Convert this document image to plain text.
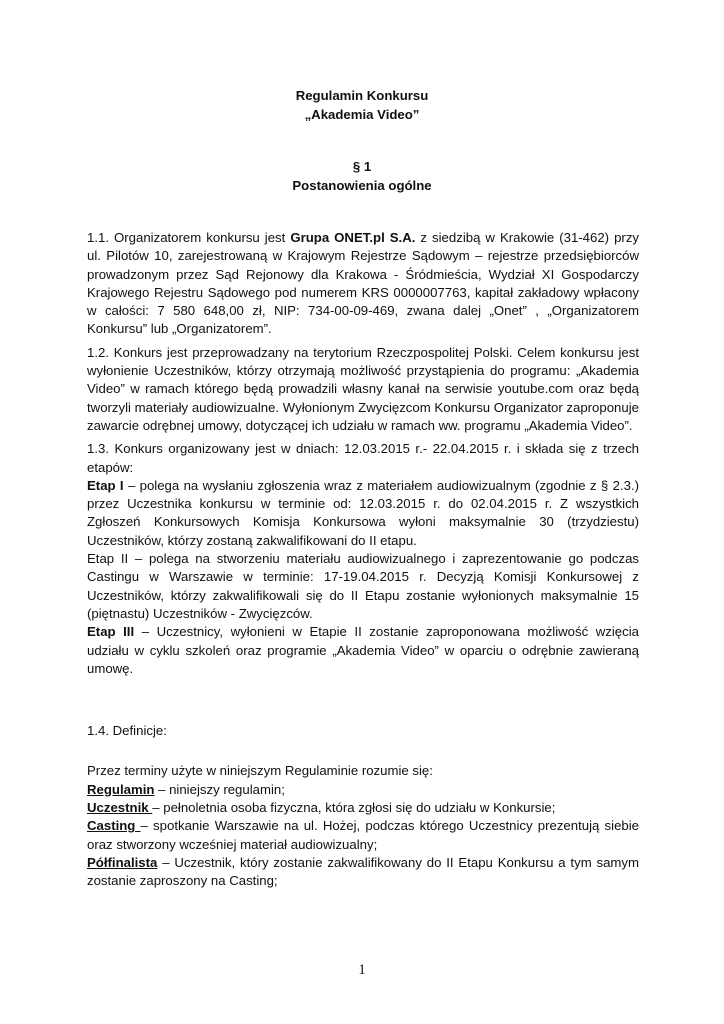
Regulamin Konkursu
„Akademia Video”
§ 1
Postanowienia ogólne

1.1. Organizatorem konkursu jest Grupa ONET.pl S.A. z siedzibą w Krakowie (31-462) przy ul. Pilotów 10, zarejestrowaną w Krajowym Rejestrze Sądowym – rejestrze przedsiębiorców prowadzonym przez Sąd Rejonowy dla Krakowa - Śródmieścia, Wydział XI Gospodarczy Krajowego Rejestru Sądowego pod numerem KRS 0000007763, kapitał zakładowy wpłacony w całości: 7 580 648,00 zł, NIP: 734-00-09-469, zwana dalej „Onet” , „Organizatorem Konkursu” lub „Organizatorem”.

1.2. Konkurs jest przeprowadzany na terytorium Rzeczpospolitej Polski. Celem konkursu jest wyłonienie Uczestników, którzy otrzymają możliwość przystąpienia do programu: „Akademia Video” w ramach którego będą prowadzili własny kanał na serwisie youtube.com oraz będą tworzyli materiały audiowizualne. Wyłonionym Zwycięzcom Konkursu Organizator zaproponuje zawarcie odrębnej umowy, dotyczącej ich udziału w ramach ww. programu „Akademia Video”.

1.3. Konkurs organizowany jest w dniach: 12.03.2015 r.- 22.04.2015 r. i składa się z trzech etapów:

Etap I – polega na wysłaniu zgłoszenia wraz z materiałem audiowizualnym (zgodnie z § 2.3.) przez Uczestnika konkursu w terminie od: 12.03.2015 r. do 02.04.2015 r. Z wszystkich Zgłoszeń Konkursowych Komisja Konkursowa wyłoni maksymalnie 30 (trzydziestu) Uczestników, którzy zostaną zakwalifikowani do II etapu.

Etap II – polega na stworzeniu materiału audiowizualnego i zaprezentowanie go podczas Castingu w Warszawie w terminie: 17-19.04.2015 r. Decyzją Komisji Konkursowej z Uczestników, którzy zakwalifikowali się do II Etapu zostanie wyłonionych maksymalnie 15 (piętnastu) Uczestników - Zwycięzców.

Etap III – Uczestnicy, wyłonieni w Etapie II zostanie zaproponowana możliwość wzięcia udziału w cyklu szkoleń oraz programie „Akademia Video” w oparciu o odrębnie zawieraną umowę.

1.4. Definicje:

Przez terminy użyte w niniejszym Regulaminie rozumie się:

Regulamin – niniejszy regulamin;

Uczestnik – pełnoletnia osoba fizyczna, która zgłosi się do udziału w Konkursie;

Casting – spotkanie Warszawie na ul. Hożej, podczas którego Uczestnicy prezentują siebie oraz stworzony wcześniej materiał audiowizualny;

Półfinalista – Uczestnik, który zostanie zakwalifikowany do II Etapu Konkursu a tym samym zostanie zaproszony na Casting;

1
